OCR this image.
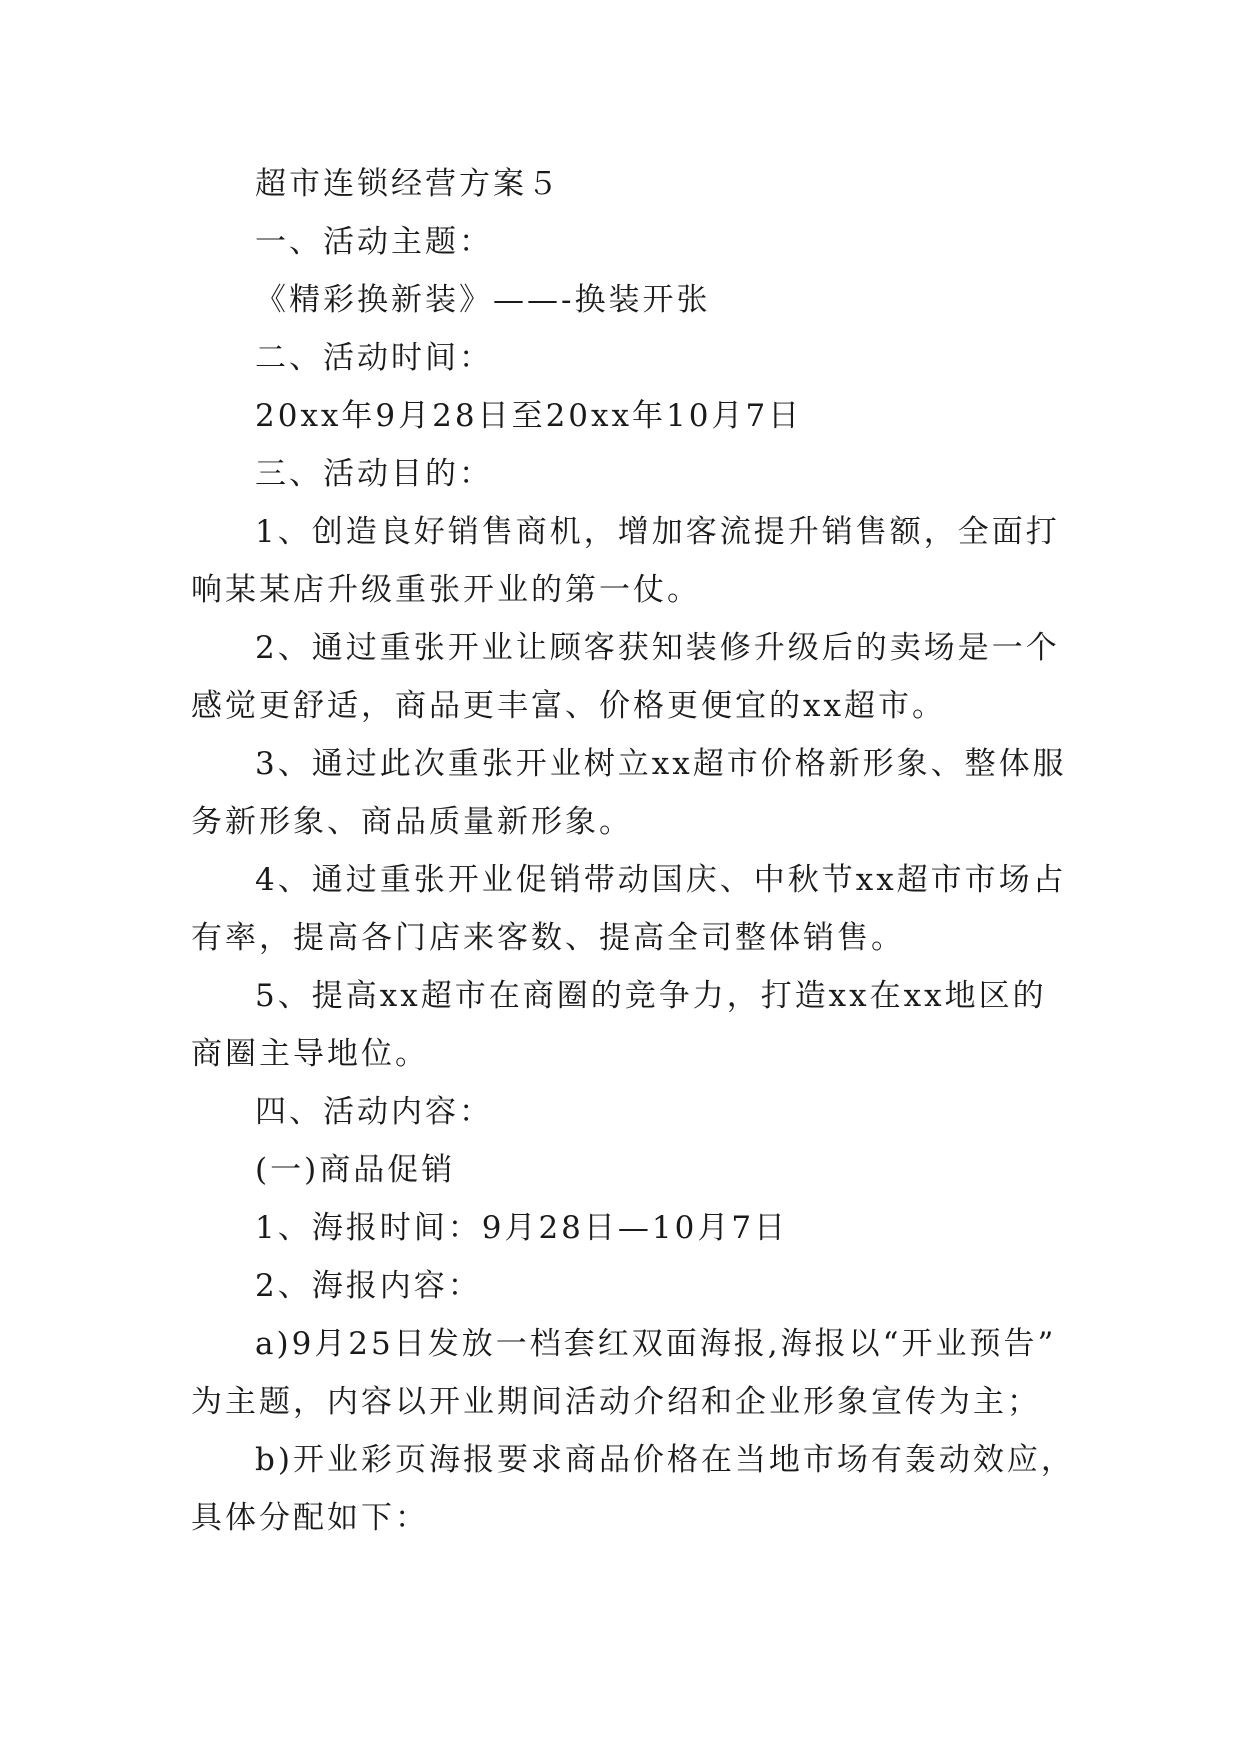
超市连锁经营方案５
一、活动主题：
《精彩换新装》——-换装开张
二、活动时间：
20xx年9月28日至20xx年10月7日
三、活动目的：
1、创造良好销售商机，增加客流提升销售额，全面打
响某某店升级重张开业的第一仗。
2、通过重张开业让顾客获知装修升级后的卖场是一个
感觉更舒适，商品更丰富、价格更便宜的xx超市。
3、通过此次重张开业树立xx超市价格新形象、整体服
务新形象、商品质量新形象。
4、通过重张开业促销带动国庆、中秋节xx超市市场占
有率，提高各门店来客数、提高全司整体销售。
5、提高xx超市在商圈的竞争力，打造xx在xx地区的
商圈主导地位。
四、活动内容：
(一)商品促销
1、海报时间：9月28日—10月7日
2、海报内容：
a)9月25日发放一档套红双面海报,海报以“开业预告”
为主题，内容以开业期间活动介绍和企业形象宣传为主；
b)开业彩页海报要求商品价格在当地市场有轰动效应，
具体分配如下：
